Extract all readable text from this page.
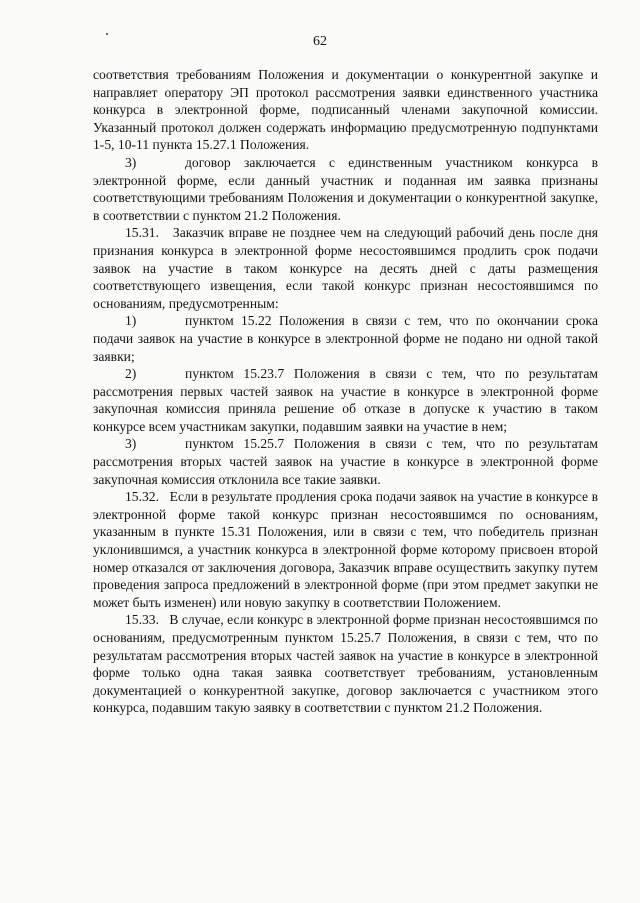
62

соответствия требованиям Положения и документации о конкурентной закупке и направляет оператору ЭП протокол рассмотрения заявки единственного участника конкурса в электронной форме, подписанный членами закупочной комиссии. Указанный протокол должен содержать информацию предусмотренную подпунктами 1-5, 10-11 пункта 15.27.1 Положения.

3)	договор заключается с единственным участником конкурса в электронной форме, если данный участник и поданная им заявка признаны соответствующими требованиям Положения и документации о конкурентной закупке, в соответствии с пунктом 21.2 Положения.

15.31. Заказчик вправе не позднее чем на следующий рабочий день после дня признания конкурса в электронной форме несостоявшимся продлить срок подачи заявок на участие в таком конкурсе на десять дней с даты размещения соответствующего извещения, если такой конкурс признан несостоявшимся по основаниям, предусмотренным:

1)	пунктом 15.22 Положения в связи с тем, что по окончании срока подачи заявок на участие в конкурсе в электронной форме не подано ни одной такой заявки;

2)	пунктом 15.23.7 Положения в связи с тем, что по результатам рассмотрения первых частей заявок на участие в конкурсе в электронной форме закупочная комиссия приняла решение об отказе в допуске к участию в таком конкурсе всем участникам закупки, подавшим заявки на участие в нем;

3)	пунктом 15.25.7 Положения в связи с тем, что по результатам рассмотрения вторых частей заявок на участие в конкурсе в электронной форме закупочная комиссия отклонила все такие заявки.

15.32. Если в результате продления срока подачи заявок на участие в конкурсе в электронной форме такой конкурс признан несостоявшимся по основаниям, указанным в пункте 15.31 Положения, или в связи с тем, что победитель признан уклонившимся, а участник конкурса в электронной форме которому присвоен второй номер отказался от заключения договора, Заказчик вправе осуществить закупку путем проведения запроса предложений в электронной форме (при этом предмет закупки не может быть изменен) или новую закупку в соответствии Положением.

15.33. В случае, если конкурс в электронной форме признан несостоявшимся по основаниям, предусмотренным пунктом 15.25.7 Положения, в связи с тем, что по результатам рассмотрения вторых частей заявок на участие в конкурсе в электронной форме только одна такая заявка соответствует требованиям, установленным документацией о конкурентной закупке, договор заключается с участником этого конкурса, подавшим такую заявку в соответствии с пунктом 21.2 Положения.
